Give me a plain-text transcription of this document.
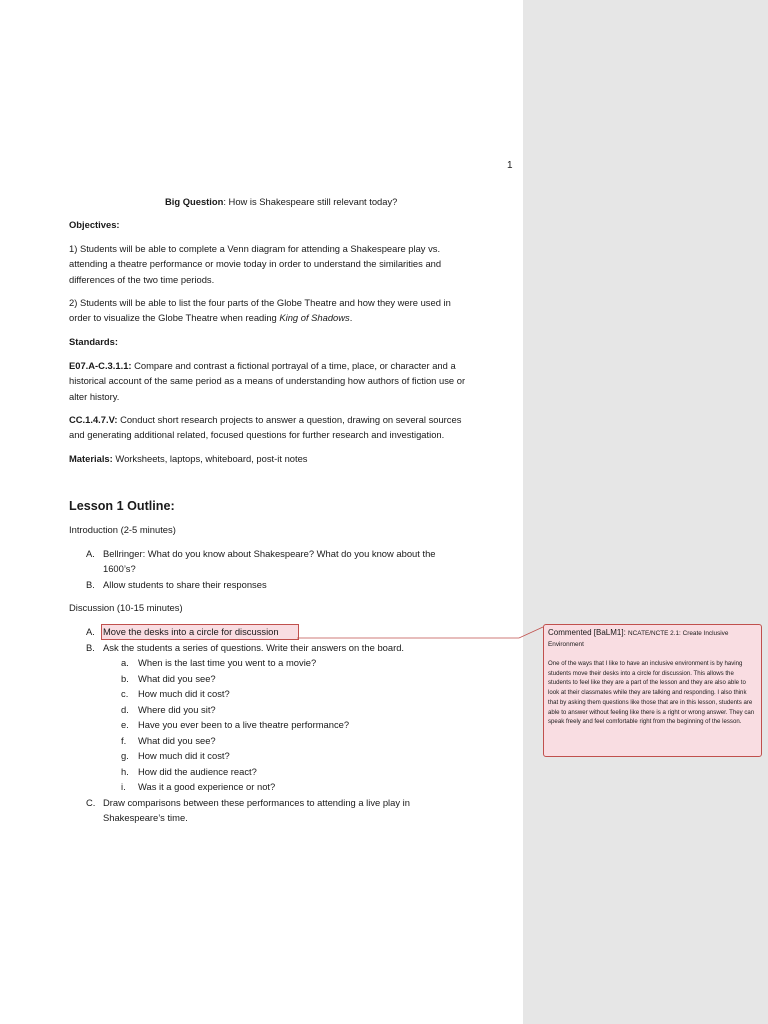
1
Big Question: How is Shakespeare still relevant today?
Objectives:
1) Students will be able to complete a Venn diagram for attending a Shakespeare play vs.
attending a theatre performance or movie today in order to understand the similarities and
differences of the two time periods.
2) Students will be able to list the four parts of the Globe Theatre and how they were used in
order to visualize the Globe Theatre when reading King of Shadows.
Standards:
E07.A-C.3.1.1: Compare and contrast a fictional portrayal of a time, place, or character and a
historical account of the same period as a means of understanding how authors of fiction use or
alter history.
CC.1.4.7.V: Conduct short research projects to answer a question, drawing on several sources
and generating additional related, focused questions for further research and investigation.
Materials: Worksheets, laptops, whiteboard, post-it notes
Lesson 1 Outline:
Introduction (2-5 minutes)
A. Bellringer: What do you know about Shakespeare? What do you know about the
1600’s?
B. Allow students to share their responses
Discussion (10-15 minutes)
A. Move the desks into a circle for discussion
B. Ask the students a series of questions. Write their answers on the board.
a. When is the last time you went to a movie?
b. What did you see?
c. How much did it cost?
d. Where did you sit?
e. Have you ever been to a live theatre performance?
f. What did you see?
g. How much did it cost?
h. How did the audience react?
i. Was it a good experience or not?
C. Draw comparisons between these performances to attending a live play in
Shakespeare’s time.
Commented [BaLM1]: NCATE/NCTE 2.1: Create Inclusive
Environment
One of the ways that I like to have an inclusive environment is by having students move their desks into a circle for discussion. This allows the students to feel like they are a part of the lesson and they are also able to look at their classmates while they are talking and responding. I also think that by asking them questions like those that are in this lesson, students are able to answer without feeling like there is a right or wrong answer. They can speak freely and feel comfortable right from the beginning of the lesson.
